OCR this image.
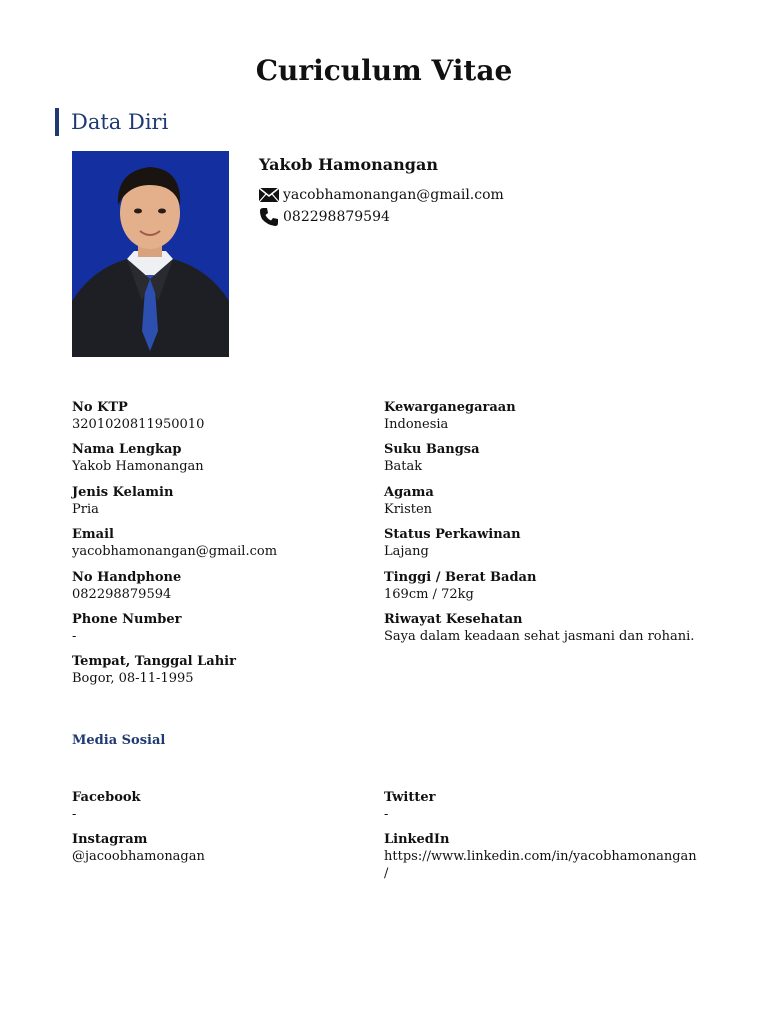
Curiculum Vitae
Data Diri
Yakob Hamonangan
yacobhamonangan@gmail.com
082298879594
No KTP
3201020811950010
Nama Lengkap
Yakob Hamonangan
Jenis Kelamin
Pria
Email
yacobhamonangan@gmail.com
No Handphone
082298879594
Phone Number
-
Tempat, Tanggal Lahir
Bogor, 08-11-1995
Kewarganegaraan
Indonesia
Suku Bangsa
Batak
Agama
Kristen
Status Perkawinan
Lajang
Tinggi / Berat Badan
169cm / 72kg
Riwayat Kesehatan
Saya dalam keadaan sehat jasmani dan rohani.
Media Sosial
Facebook
-
Twitter
-
Instagram
@jacoobhamonagan
LinkedIn
https://www.linkedin.com/in/yacobhamonangan
/
